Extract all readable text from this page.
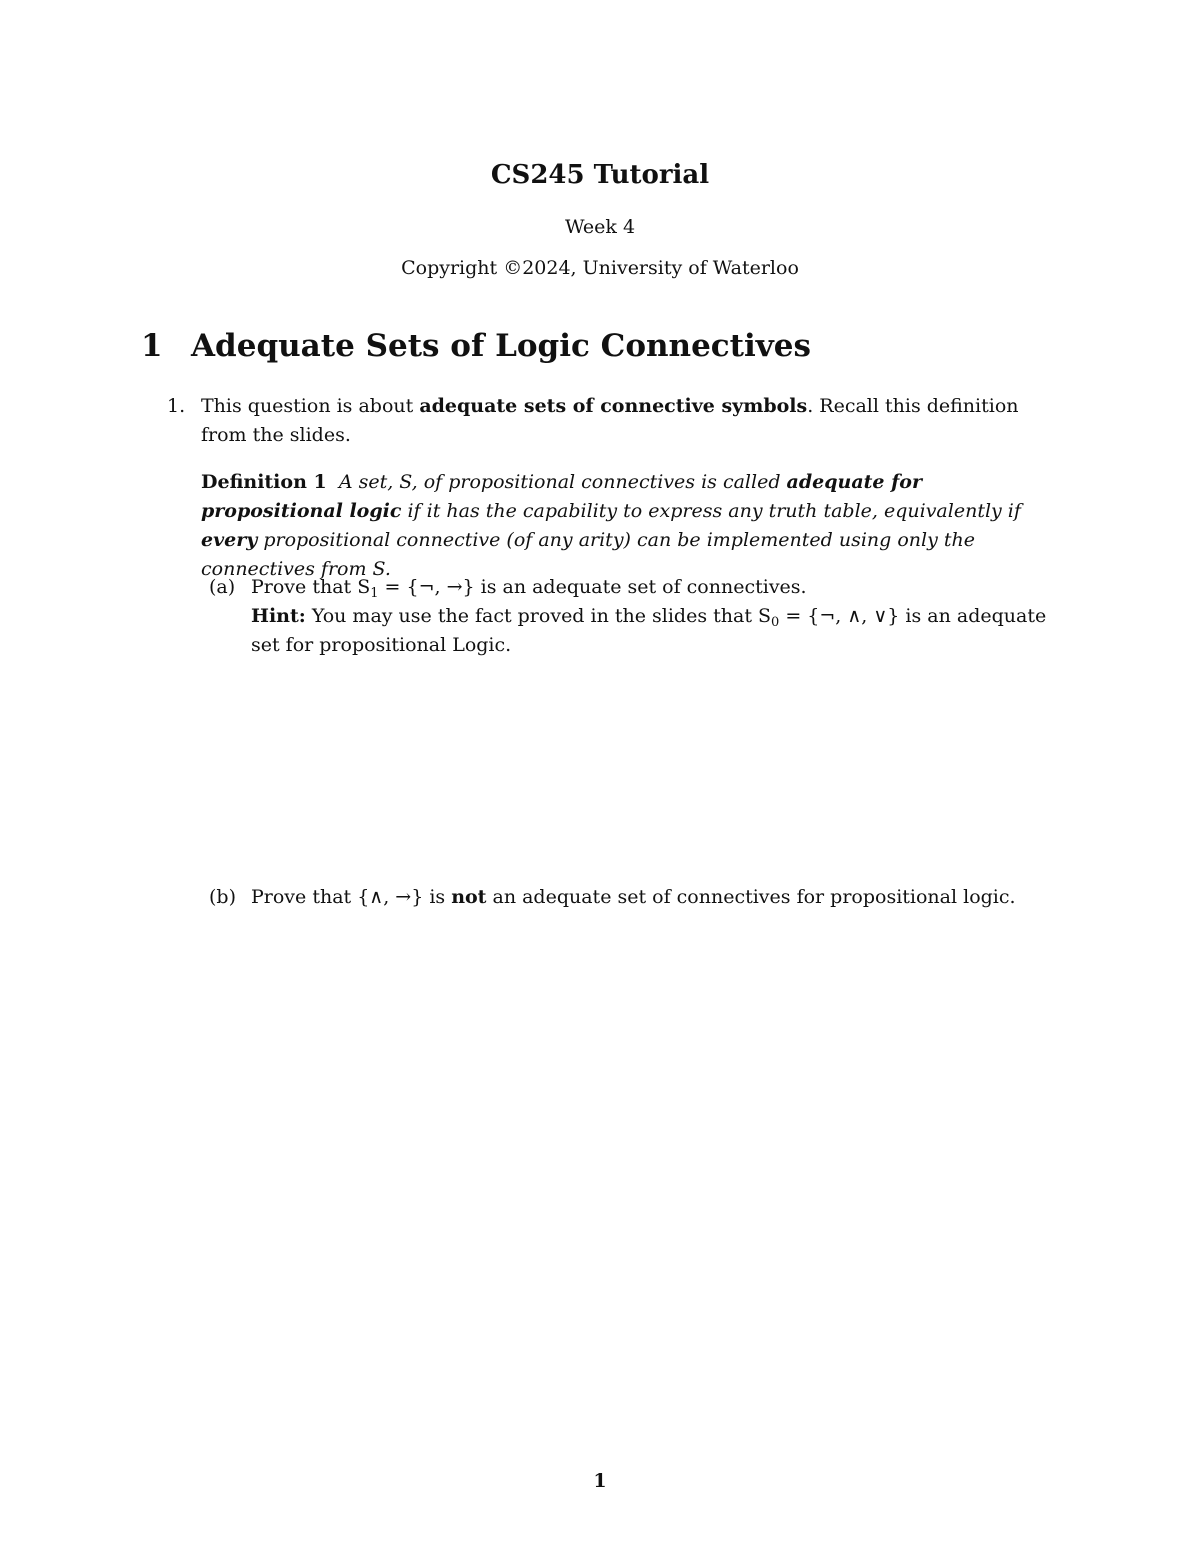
CS245 Tutorial
Week 4
Copyright ©2024, University of Waterloo
1 Adequate Sets of Logic Connectives
1. This question is about adequate sets of connective symbols. Recall this definition from the slides.
Definition 1 A set, S, of propositional connectives is called adequate for propositional logic if it has the capability to express any truth table, equivalently if every propositional connective (of any arity) can be implemented using only the connectives from S.
(a) Prove that $S_1$ = {¬, →} is an adequate set of connectives.
Hint: You may use the fact proved in the slides that $S_0$ = {¬, ∧, ∨} is an adequate set for propositional Logic.
(b) Prove that {∧, →} is not an adequate set of connectives for propositional logic.
1
